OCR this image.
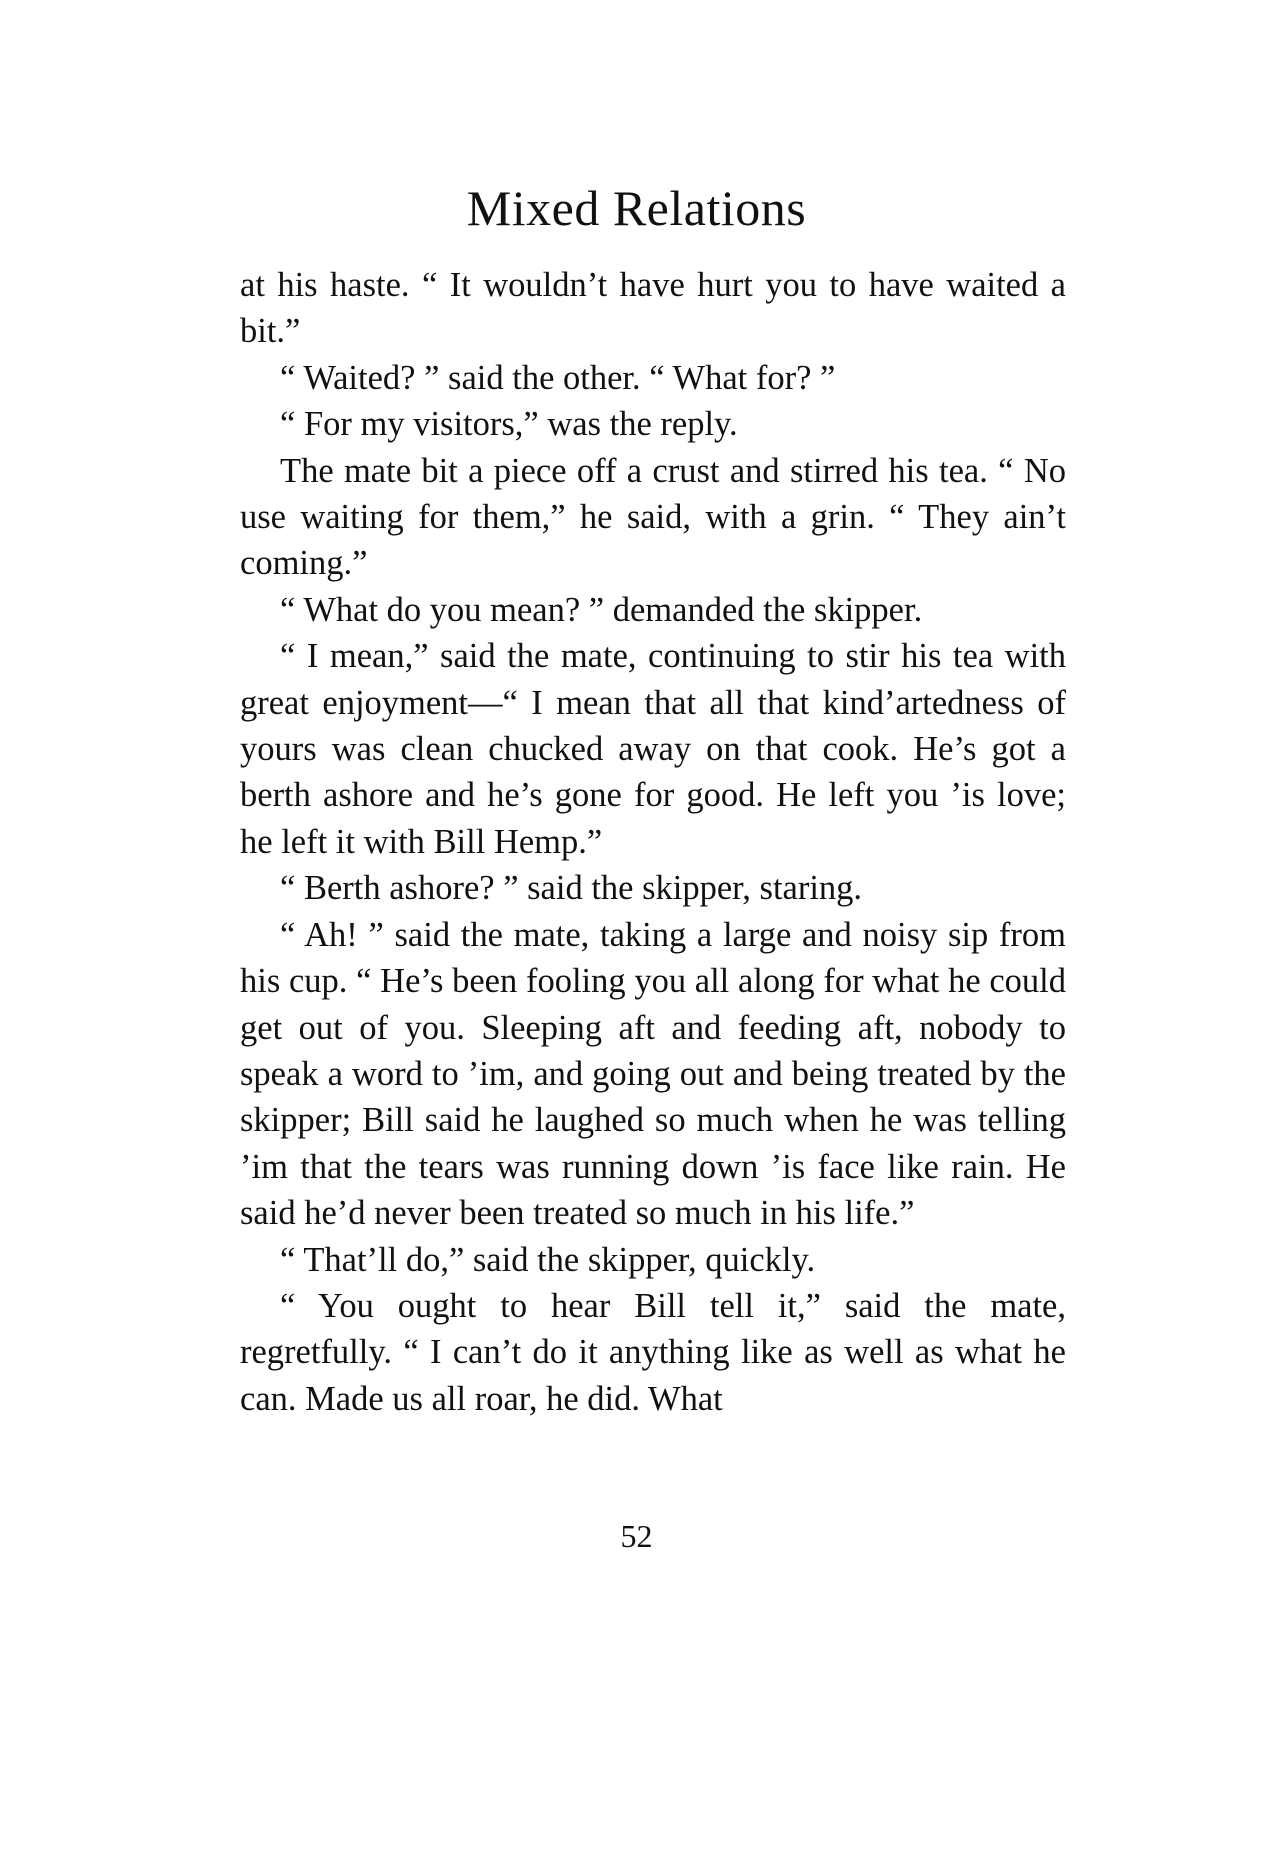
Mixed Relations

at his haste. “ It wouldn’t have hurt you to have waited a bit.”

“ Waited? ” said the other. “ What for? ”

“ For my visitors,” was the reply.

The mate bit a piece off a crust and stirred his tea. “ No use waiting for them,” he said, with a grin. “ They ain’t coming.”

“ What do you mean? ” demanded the skipper.

“ I mean,” said the mate, continuing to stir his tea with great enjoyment—“ I mean that all that kind’artedness of yours was clean chucked away on that cook. He’s got a berth ashore and he’s gone for good. He left you ’is love; he left it with Bill Hemp.”

“ Berth ashore? ” said the skipper, staring.

“ Ah! ” said the mate, taking a large and noisy sip from his cup. “ He’s been fooling you all along for what he could get out of you. Sleeping aft and feeding aft, nobody to speak a word to ’im, and going out and being treated by the skipper; Bill said he laughed so much when he was telling ’im that the tears was running down ’is face like rain. He said he’d never been treated so much in his life.”

“ That’ll do,” said the skipper, quickly.

“ You ought to hear Bill tell it,” said the mate, regretfully. “ I can’t do it anything like as well as what he can. Made us all roar, he did. What

52
